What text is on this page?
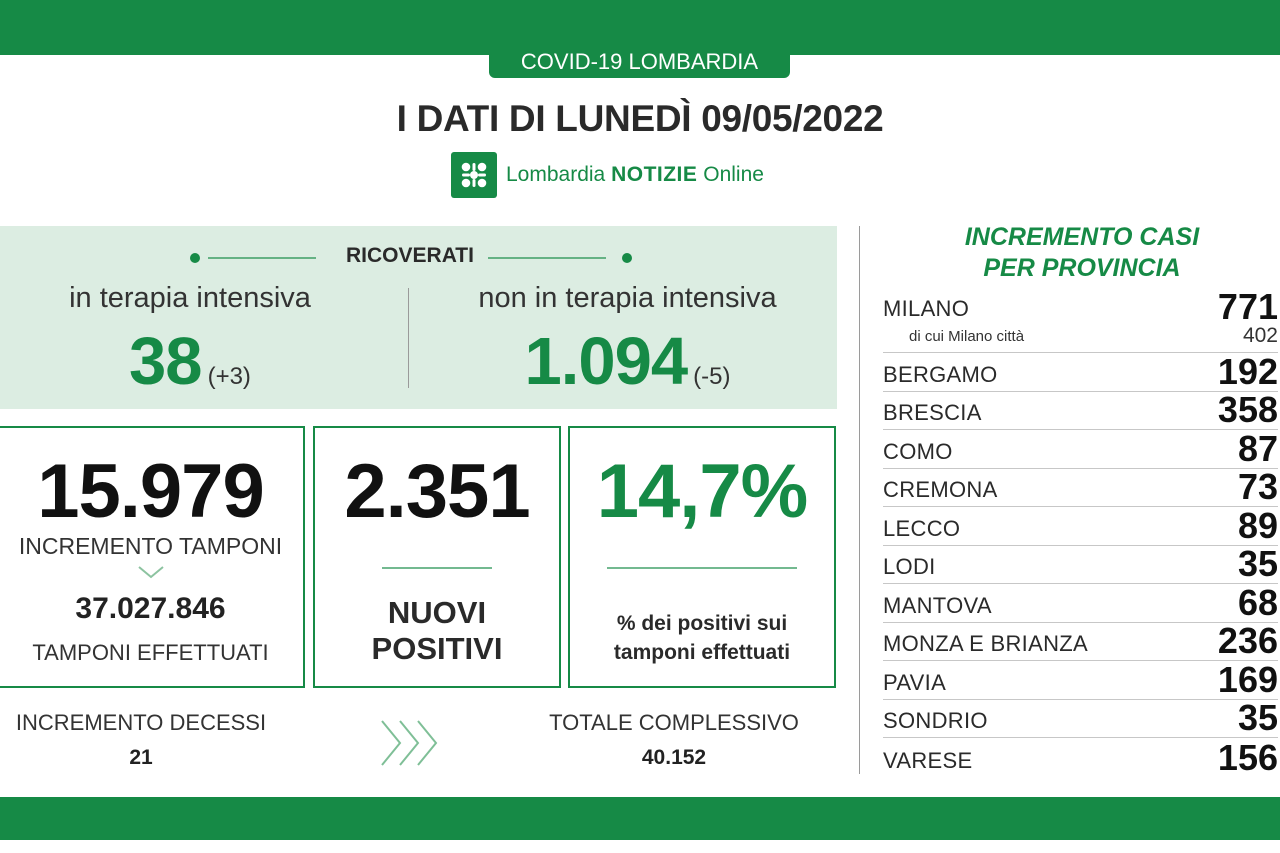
COVID-19 LOMBARDIA
I DATI DI LUNEDÌ 09/05/2022
Lombardia NOTIZIE Online
RICOVERATI
in terapia intensiva
38 (+3)
non in terapia intensiva
1.094 (-5)
15.979
INCREMENTO TAMPONI
37.027.846
TAMPONI EFFETTUATI
2.351
NUOVI
POSITIVI
14,7%
% dei positivi sui
tamponi effettuati
INCREMENTO DECESSI
21
TOTALE COMPLESSIVO
40.152
INCREMENTO CASI
PER PROVINCIA
MILANO	771
di cui Milano città	402
BERGAMO	192
BRESCIA	358
COMO	87
CREMONA	73
LECCO	89
LODI	35
MANTOVA	68
MONZA E BRIANZA	236
PAVIA	169
SONDRIO	35
VARESE	156
